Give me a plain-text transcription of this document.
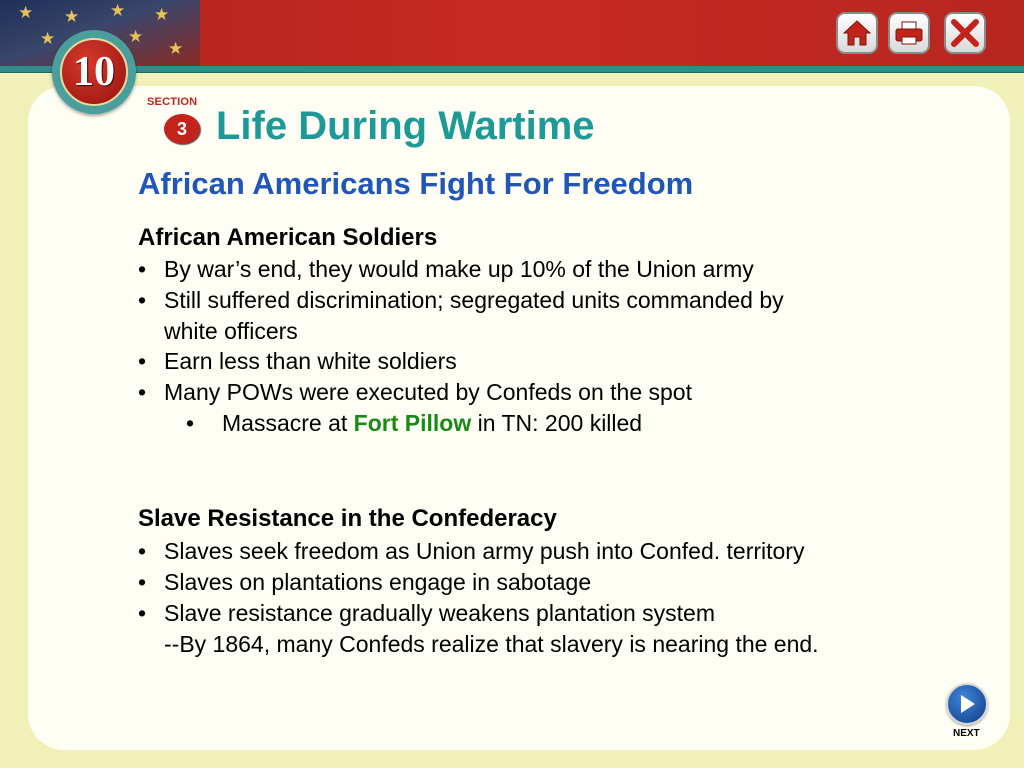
★ ★ ★ ★
★	★
★
10
SECTION
3 Life During Wartime
African Americans Fight For Freedom
African American Soldiers
• By war’s end, they would make up 10% of the Union army
• Still suffered discrimination; segregated units commanded by white officers
• Earn less than white soldiers
• Many POWs were executed by Confeds on the spot
• Massacre at Fort Pillow in TN: 200 killed
Slave Resistance in the Confederacy
• Slaves seek freedom as Union army push into Confed. territory
• Slaves on plantations engage in sabotage
• Slave resistance gradually weakens plantation system
--By 1864, many Confeds realize that slavery is nearing the end.
NEXT
